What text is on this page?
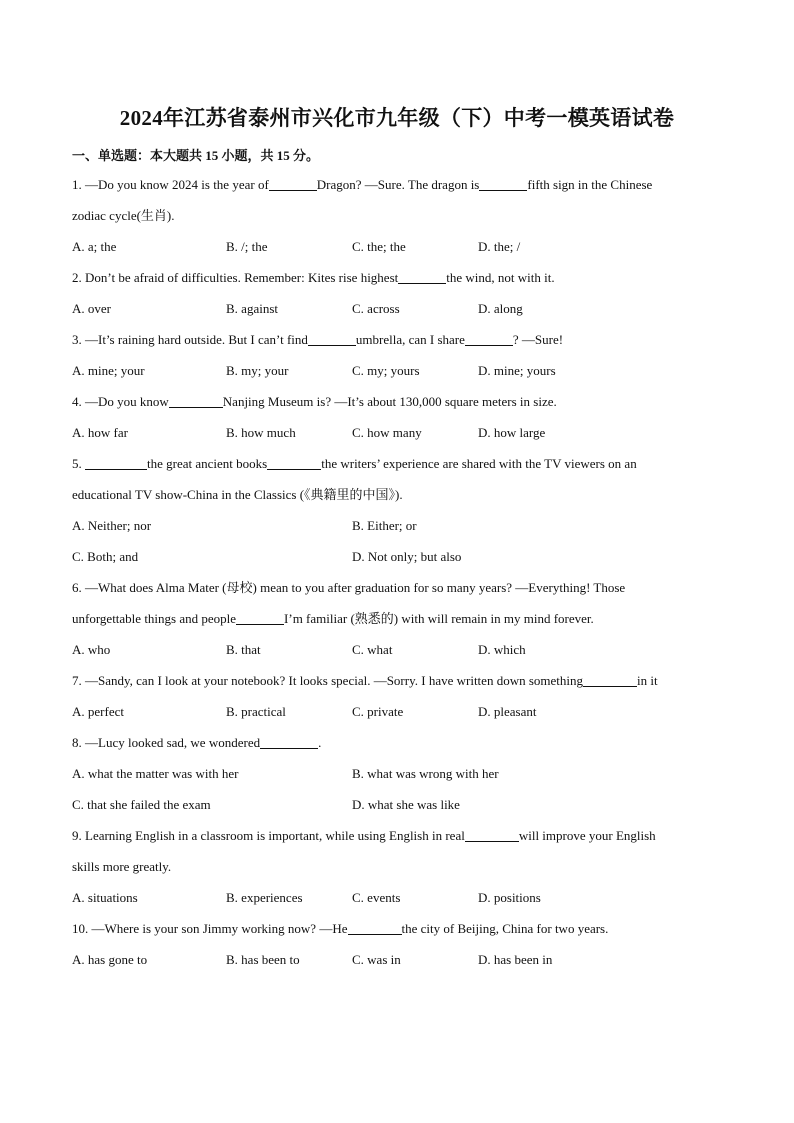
2024年江苏省泰州市兴化市九年级（下）中考一模英语试卷
一、单选题：本大题共 15 小题，共 15 分。
1. —Do you know 2024 is the year of	Dragon? —Sure. The dragon is	fifth sign in the Chinese
zodiac cycle(生肖).
A. a; the	B. /; the	C. the; the	D. the; /
2. Don’t be afraid of difficulties. Remember: Kites rise highest	the wind, not with it.
A. over	B. against	C. across	D. along
3. —It’s raining hard outside. But I can’t find	umbrella, can I share	? —Sure!
A. mine; your	B. my; your	C. my; yours	D. mine; yours
4. —Do you know	Nanjing Museum is? —It’s about 130,000 square meters in size.
A. how far	B. how much	C. how many	D. how large
5.	the great ancient books	the writers’ experience are shared with the TV viewers on an
educational TV show-China in the Classics (《典籍里的中国》).
A. Neither; nor	B. Either; or
C. Both; and	D. Not only; but also
6. —What does Alma Mater (母校) mean to you after graduation for so many years? —Everything! Those
unforgettable things and people	I’m familiar (熟悉的) with will remain in my mind forever.
A. who	B. that	C. what	D. which
7. —Sandy, can I look at your notebook? It looks special. —Sorry. I have written down something	in it
A. perfect	B. practical	C. private	D. pleasant
8. —Lucy looked sad, we wondered	.
A. what the matter was with her	B. what was wrong with her
C. that she failed the exam	D. what she was like
9. Learning English in a classroom is important, while using English in real	will improve your English
skills more greatly.
A. situations	B. experiences	C. events	D. positions
10. —Where is your son Jimmy working now? —He	the city of Beijing, China for two years.
A. has gone to	B. has been to	C. was in	D. has been in
